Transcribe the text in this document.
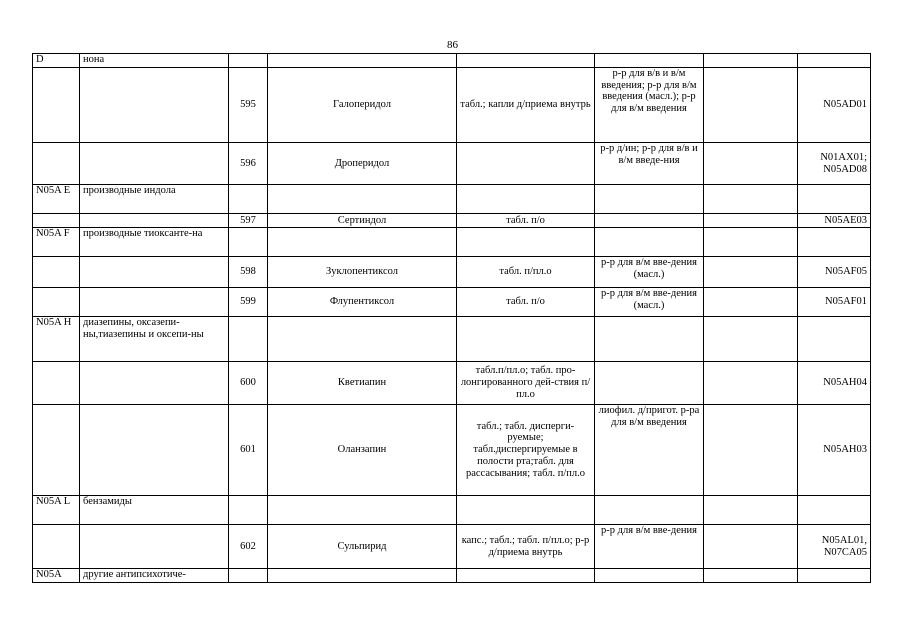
86
D	нона						
		595	Галоперидол	табл.; капли д/приема внутрь	р-р для в/в и в/м введения; р-р для в/м введения (масл.); р-р для в/м введения		N05AD01
		596	Дроперидол		р-р д/ин; р-р для в/в и в/м введе-ния		N01AX01; N05AD08
N05A E	производные индола						
		597	Сертиндол	табл. п/о			N05AE03
N05A F	производные тиоксанте-на						
		598	Зуклопентиксол	табл. п/пл.о	р-р для в/м вве-дения (масл.)		N05AF05
		599	Флупентиксол	табл. п/о	р-р для в/м вве-дения (масл.)		N05AF01
N05A H	диазепины, оксазепи-ны,тиазепины и оксепи-ны						
		600	Кветиапин	табл.п/пл.о; табл. про-лонгированного дей-ствия п/пл.о			N05AH04
		601	Оланзапин	табл.; табл. дисперги-руемые; табл.диспергируемые в полости рта;табл. для рассасывания; табл. п/пл.о	лиофил. д/пригот. р-ра для в/м введения		N05AH03
N05A L	бензамиды						
		602	Сульпирид	капс.; табл.; табл. п/пл.о; р-р д/приема внутрь	р-р для в/м вве-дения		N05AL01, N07CA05
N05A	другие антипсихотиче-						
